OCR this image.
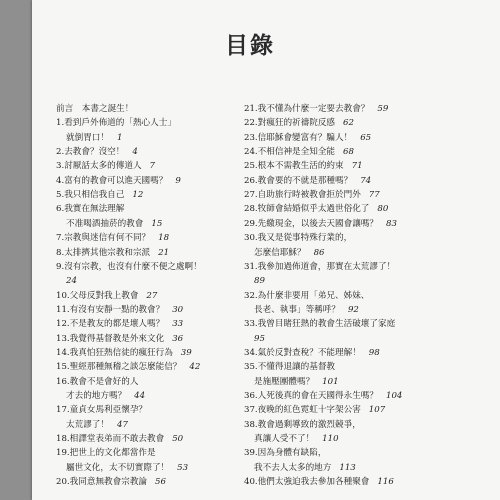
目錄
前言　本書之誕生！
1.看到戶外佈道的「熱心人士」
就倒胃口！ 1
2.去教會？沒空！ 4
3.討厭話太多的傳道人 7
4.富有的教會可以進天國嗎？ 9
5.我只相信我自己 12
6.我實在無法理解
不准喝酒抽菸的教會 15
7.宗教與迷信有何不同？ 18
8.太排擠其他宗教和宗派 21
9.沒有宗教，也沒有什麼不便之處啊！
24
10.父母反對我上教會 27
11.有沒有安靜一點的教會？ 30
12.不是教友的都是壞人嗎？ 33
13.我覺得基督教是外來文化 36
14.我真怕狂熱信徒的瘋狂行為 39
15.聖經那種無稽之談怎麼能信？ 42
16.教會不是會好的人
才去的地方嗎？ 44
17.童貞女馬利亞懷孕？
太荒謬了！ 47
18.相譯堂表弟而不敢去教會 50
19.把世上的文化都當作是
屬世文化，太不切實際了！ 53
20.我同意無教會宗教論 56
21.我不懂為什麼一定要去教會？ 59
22.對瘋狂的祈禱院反感 62
23.信耶穌會變富有？騙人！ 65
24.不相信神是全知全能 68
25.根本不需教生活的約束 71
26.教會要的不就是那種嗎？ 74
27.自助旅行時被教會拒於門外 77
28.牧師會結婚似乎太過世俗化了 80
29.先繳現金，以後去天國會讓嗎？ 83
30.我又是從事特殊行業的，
怎麼信耶穌？ 86
31.我參加過佈道會，那實在太荒謬了！
89
32.為什麼非要用「弟兄、姊妹、
長老、執事」等稱呼？ 92
33.我曾目睹狂熱的教會生活破壞了家庭
95
34.氣於反對查稅？不能理解！ 98
35.不懂得退讓的基督教
是施壓團體嗎？ 101
36.人死後真的會在天國得永生嗎？ 104
37.夜晚的紅色霓虹十字架公害 107
38.教會過剩導致的激烈競爭，
真讓人受不了！ 110
39.因為身體有缺陷，
我不去人太多的地方 113
40.他們太強迫我去參加各種聚會 116
